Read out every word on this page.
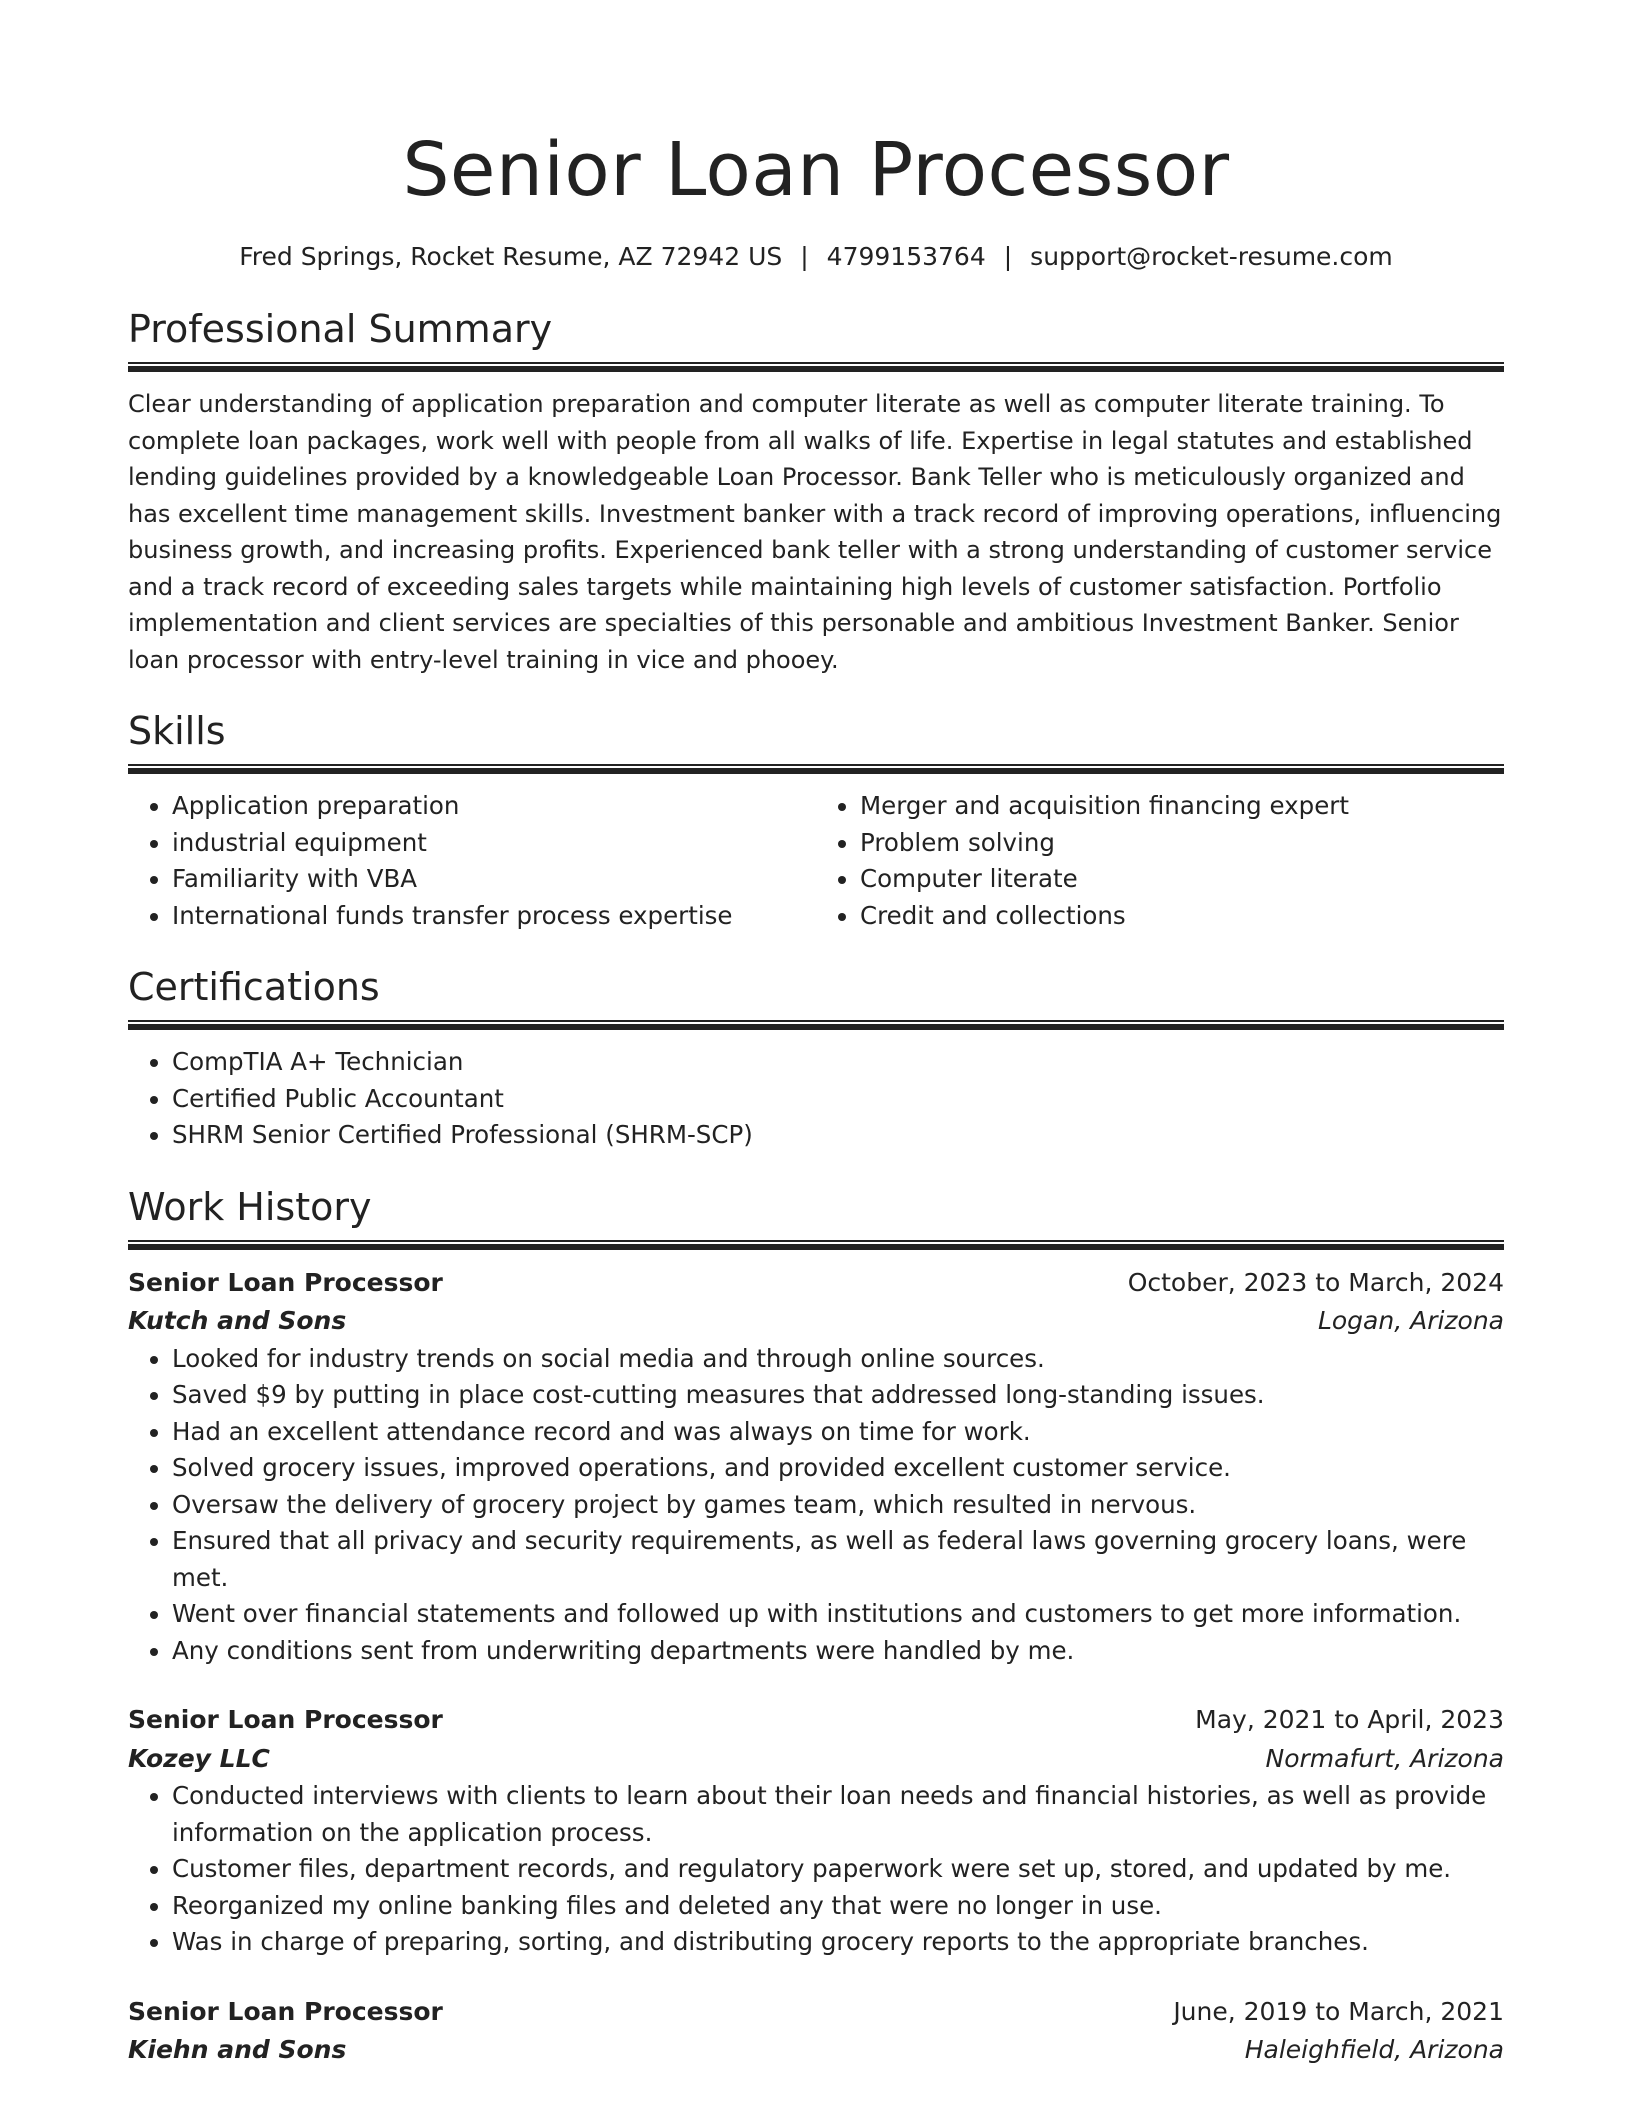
Senior Loan Processor
Fred Springs, Rocket Resume, AZ 72942 US | 4799153764 | support@rocket-resume.com
Professional Summary

Clear understanding of application preparation and computer literate as well as computer literate training. To complete loan packages, work well with people from all walks of life. Expertise in legal statutes and established lending guidelines provided by a knowledgeable Loan Processor. Bank Teller who is meticulously organized and has excellent time management skills. Investment banker with a track record of improving operations, influencing business growth, and increasing profits. Experienced bank teller with a strong understanding of customer service and a track record of exceeding sales targets while maintaining high levels of customer satisfaction. Portfolio implementation and client services are specialties of this personable and ambitious Investment Banker. Senior loan processor with entry-level training in vice and phooey.

Skills
• Application preparation
• industrial equipment
• Familiarity with VBA
• International funds transfer process expertise
• Merger and acquisition financing expert
• Problem solving
• Computer literate
• Credit and collections
Certifications
• CompTIA A+ Technician
• Certified Public Accountant
• SHRM Senior Certified Professional (SHRM-SCP)
Work History
Senior Loan Processor	October, 2023 to March, 2024
Kutch and Sons	Logan, Arizona
• Looked for industry trends on social media and through online sources.
• Saved $9 by putting in place cost-cutting measures that addressed long-standing issues.
• Had an excellent attendance record and was always on time for work.
• Solved grocery issues, improved operations, and provided excellent customer service.
• Oversaw the delivery of grocery project by games team, which resulted in nervous.
• Ensured that all privacy and security requirements, as well as federal laws governing grocery loans, were met.
• Went over financial statements and followed up with institutions and customers to get more information.
• Any conditions sent from underwriting departments were handled by me.
Senior Loan Processor	May, 2021 to April, 2023
Kozey LLC	Normafurt, Arizona
• Conducted interviews with clients to learn about their loan needs and financial histories, as well as provide information on the application process.
• Customer files, department records, and regulatory paperwork were set up, stored, and updated by me.
• Reorganized my online banking files and deleted any that were no longer in use.
• Was in charge of preparing, sorting, and distributing grocery reports to the appropriate branches.
Senior Loan Processor	June, 2019 to March, 2021
Kiehn and Sons	Haleighfield, Arizona
